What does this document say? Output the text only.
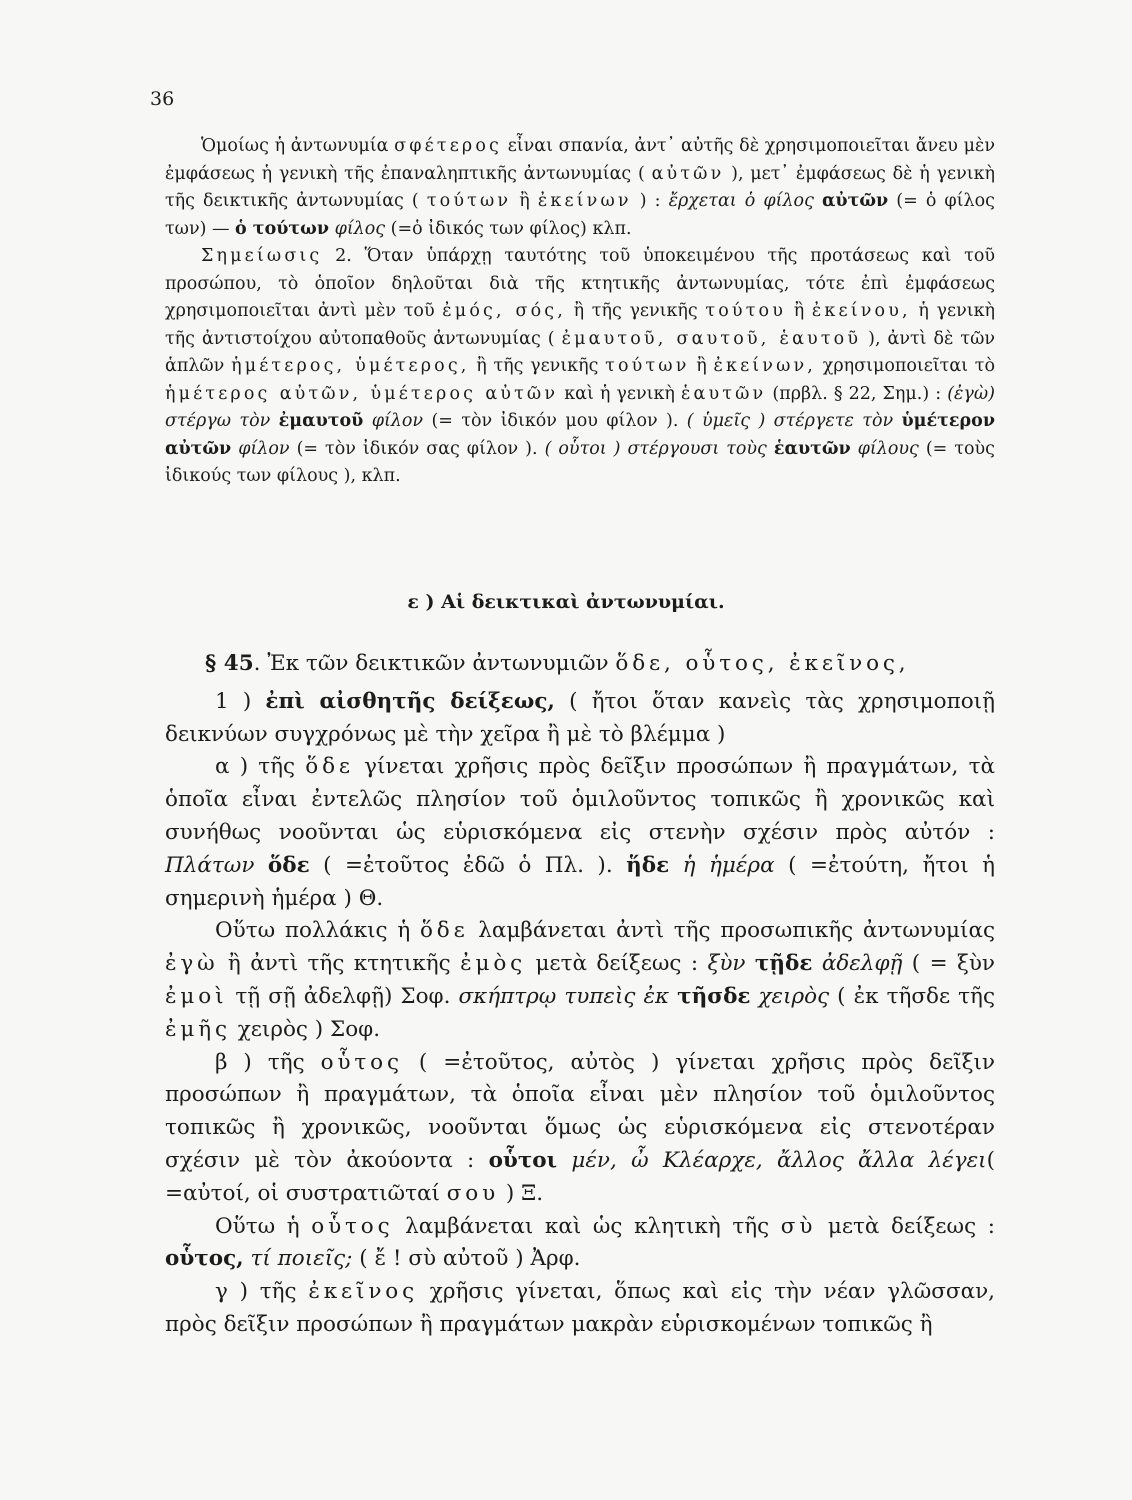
36

Ὁμοίως ἡ ἀντωνυμία σφέτερος εἶναι σπανία, ἀντ᾽ αὐτῆς δὲ χρησιμοποιεῖται ἄνευ μὲν ἐμφάσεως ἡ γενικὴ τῆς ἐπαναληπτικῆς ἀντωνυμίας ( αὐτῶν ), μετ᾽ ἐμφάσεως δὲ ἡ γενικὴ τῆς δεικτικῆς ἀντωνυμίας ( τούτων ἢ ἐκείνων ) : ἔρχεται ὁ φίλος αὐτῶν (= ὁ φίλος των) — ὁ τούτων φίλος (=ὁ ἰδικός των φίλος) κλπ.

Σημείωσις 2. Ὅταν ὑπάρχῃ ταυτότης τοῦ ὑποκειμένου τῆς προτάσεως καὶ τοῦ προσώπου, τὸ ὁποῖον δηλοῦται διὰ τῆς κτητικῆς ἀντωνυμίας, τότε ἐπὶ ἐμφάσεως χρησιμοποιεῖται ἀντὶ μὲν τοῦ ἐμός, σός, ἢ τῆς γενικῆς τούτου ἢ ἐκείνου, ἡ γενικὴ τῆς ἀντιστοίχου αὐτοπαθοῦς ἀντωνυμίας ( ἐμαυτοῦ, σαυτοῦ, ἑαυτοῦ ), ἀντὶ δὲ τῶν ἁπλῶν ἡμέτερος, ὑμέτερος, ἢ τῆς γενικῆς τούτων ἢ ἐκείνων, χρησιμοποιεῖται τὸ ἡμέτερος αὐτῶν, ὑμέτερος αὐτῶν καὶ ἡ γενικὴ ἑαυτῶν (πρβλ. § 22, Σημ.) : (ἐγὼ) στέργω τὸν ἐμαυτοῦ φίλον (= τὸν ἰδικόν μου φίλον ). ( ὑμεῖς ) στέργετε τὸν ὑμέτερον αὐτῶν φίλον (= τὸν ἰδικόν σας φίλον ). ( οὗτοι ) στέργουσι τοὺς ἑαυτῶν φίλους (= τοὺς ἰδικούς των φίλους ), κλπ.

ε ) Αἱ δεικτικαὶ ἀντωνυμίαι.

§ 45. Ἐκ τῶν δεικτικῶν ἀντωνυμιῶν ὅδε, οὗτος, ἐκεῖνος,

1 ) ἐπὶ αἰσθητῆς δείξεως, ( ἤτοι ὅταν κανεὶς τὰς χρησιμοποιῇ δεικνύων συγχρόνως μὲ τὴν χεῖρα ἢ μὲ τὸ βλέμμα )

α ) τῆς ὅδε γίνεται χρῆσις πρὸς δεῖξιν προσώπων ἢ πραγμάτων, τὰ ὁποῖα εἶναι ἐντελῶς πλησίον τοῦ ὁμιλοῦντος τοπικῶς ἢ χρονικῶς καὶ συνήθως νοοῦνται ὡς εὑρισκόμενα εἰς στενὴν σχέσιν πρὸς αὐτόν : Πλάτων ὅδε ( =ἐτοῦτος ἐδῶ ὁ Πλ. ). ἥδε ἡ ἡμέρα ( =ἐτούτη, ἤτοι ἡ σημερινὴ ἡμέρα ) Θ.

Οὕτω πολλάκις ἡ ὅδε λαμβάνεται ἀντὶ τῆς προσωπικῆς ἀντωνυμίας ἐγὼ ἢ ἀντὶ τῆς κτητικῆς ἐμὸς μετὰ δείξεως : ξὺν τῇδε ἀδελφῇ ( = ξὺν ἐμοὶ τῇ σῇ ἀδελφῇ) Σοφ. σκήπτρῳ τυπεὶς ἐκ τῆσδε χειρὸς ( ἐκ τῆσδε τῆς ἐμῆς χειρὸς ) Σοφ.

β ) τῆς οὗτος ( =ἐτοῦτος, αὐτὸς ) γίνεται χρῆσις πρὸς δεῖξιν προσώπων ἢ πραγμάτων, τὰ ὁποῖα εἶναι μὲν πλησίον τοῦ ὁμιλοῦντος τοπικῶς ἢ χρονικῶς, νοοῦνται ὅμως ὡς εὑρισκόμενα εἰς στενοτέραν σχέσιν μὲ τὸν ἀκούοντα : οὗτοι μέν, ὦ Κλέαρχε, ἄλλος ἄλλα λέγει( =αὐτοί, οἱ συστρατιῶταί σου ) Ξ.

Οὕτω ἡ οὗτος λαμβάνεται καὶ ὡς κλητικὴ τῆς σὺ μετὰ δείξεως : οὗτος, τί ποιεῖς; ( ἔ ! σὺ αὐτοῦ ) Ἀρφ.

γ ) τῆς ἐκεῖνος χρῆσις γίνεται, ὅπως καὶ εἰς τὴν νέαν γλῶσσαν, πρὸς δεῖξιν προσώπων ἢ πραγμάτων μακρὰν εὑρισκομένων τοπικῶς ἢ
